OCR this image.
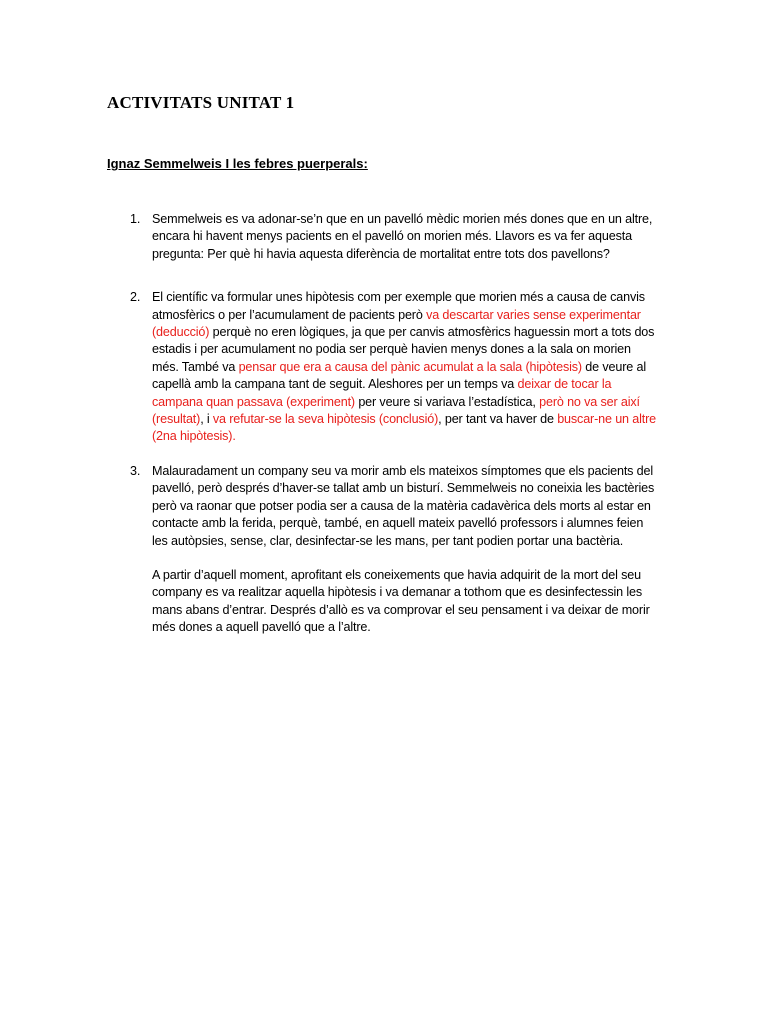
ACTIVITATS UNITAT 1
Ignaz Semmelweis I les febres puerperals:
1. Semmelweis es va adonar-se’n que en un pavelló mèdic morien més dones que en un altre, encara hi havent menys pacients en el pavelló on morien més. Llavors es va fer aquesta pregunta: Per què hi havia aquesta diferència de mortalitat entre tots dos pavellons?

2. El científic va formular unes hipòtesis com per exemple que morien més a causa de canvis atmosfèrics o per l’acumulament de pacients però va descartar varies sense experimentar (deducció) perquè no eren lògiques, ja que per canvis atmosfèrics haguessin mort a tots dos estadis i per acumulament no podia ser perquè havien menys dones a la sala on morien més. També va pensar que era a causa del pànic acumulat a la sala (hipòtesis) de veure al capellà amb la campana tant de seguit. Aleshores per un temps va deixar de tocar la campana quan passava (experiment) per veure si variava l’estadística, però no va ser així (resultat), i va refutar-se la seva hipòtesis (conclusió), per tant va haver de buscar-ne un altre (2na hipòtesis).

3. Malauradament un company seu va morir amb els mateixos símptomes que els pacients del pavelló, però després d’haver-se tallat amb un bisturí. Semmelweis no coneixia les bactèries però va raonar que potser podia ser a causa de la matèria cadavèrica dels morts al estar en contacte amb la ferida, perquè, també, en aquell mateix pavelló professors i alumnes feien les autòpsies, sense, clar, desinfectar-se les mans, per tant podien portar una bactèria.

A partir d’aquell moment, aprofitant els coneixements que havia adquirit de la mort del seu company es va realitzar aquella hipòtesis i va demanar a tothom que es desinfectessin les mans abans d’entrar. Després d’allò es va comprovar el seu pensament i va deixar de morir més dones a aquell pavelló que a l’altre.
